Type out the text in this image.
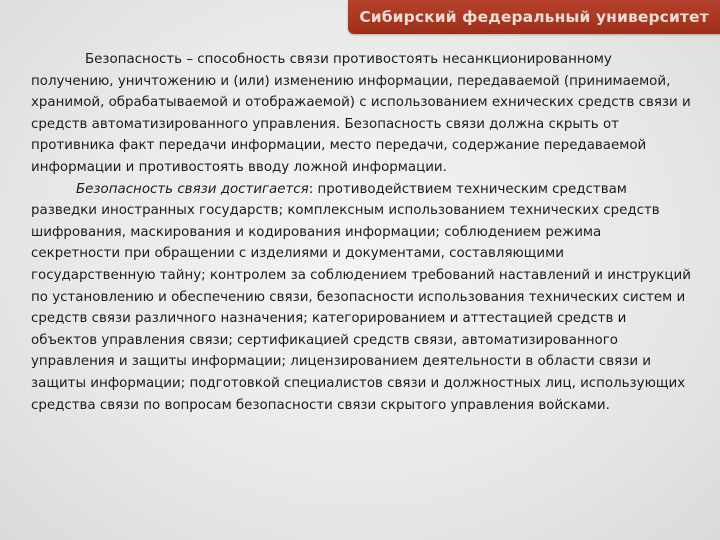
Сибирский федеральный университет

Безопасность – способность связи противостоять несанкционированному получению, уничтожению и (или) изменению информации, передаваемой (принимаемой, хранимой, обрабатываемой и отображаемой) с использованием ехнических средств связи и средств автоматизированного управления. Безопасность связи должна скрыть от противника факт передачи информации, место передачи, содержание передаваемой информации и противостоять вводу ложной информации.

Безопасность связи достигается: противодействием техническим средствам разведки иностранных государств; комплексным использованием технических средств шифрования, маскирования и кодирования информации; соблюдением режима секретности при обращении с изделиями и документами, составляющими государственную тайну; контролем за соблюдением требований наставлений и инструкций по установлению и обеспечению связи, безопасности использования технических систем и средств связи различного назначения; категорированием и аттестацией средств и объектов управления связи; сертификацией средств связи, автоматизированного управления и защиты информации; лицензированием деятельности в области связи и защиты информации; подготовкой специалистов связи и должностных лиц, использующих средства связи по вопросам безопасности связи скрытого управления войсками.
